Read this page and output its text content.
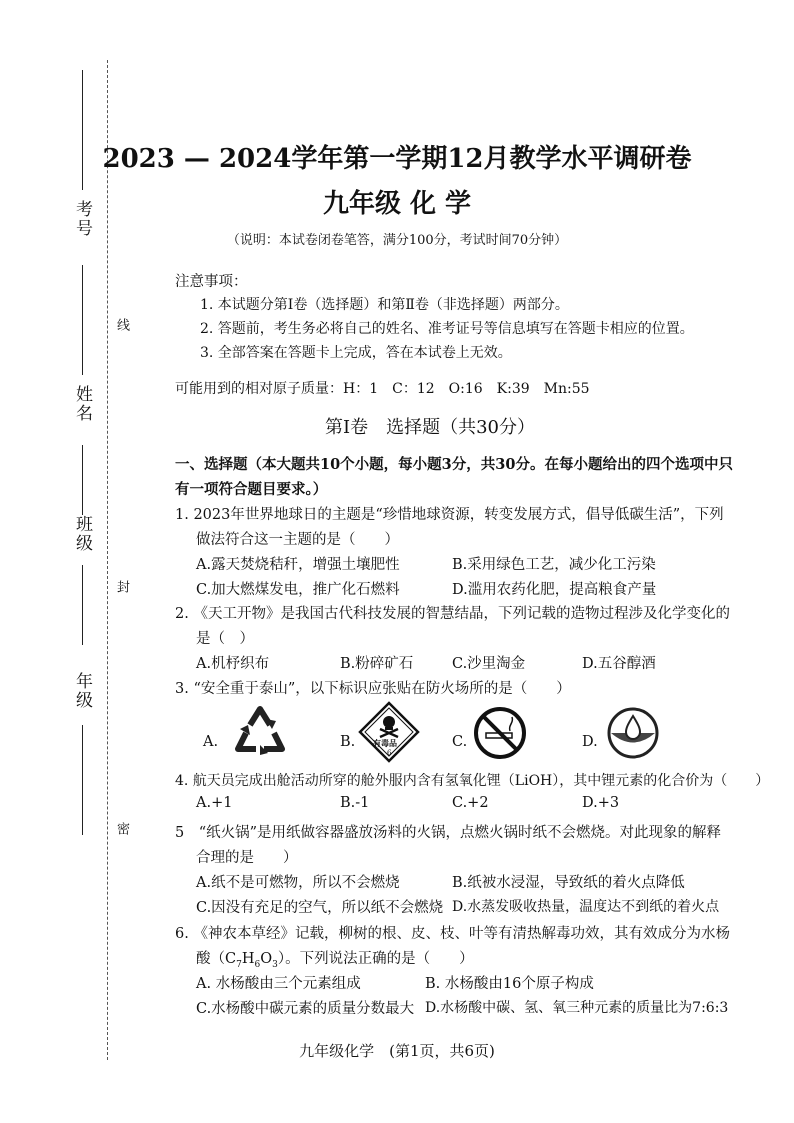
考号
姓名
班级
年级
线
封
密
2023 — 2024学年第一学期12月教学水平调研卷
九年级 化 学
（说明：本试卷闭卷笔答，满分100分，考试时间70分钟）
注意事项：
1. 本试题分第Ⅰ卷（选择题）和第Ⅱ卷（非选择题）两部分。
2. 答题前，考生务必将自己的姓名、准考证号等信息填写在答题卡相应的位置。
3. 全部答案在答题卡上完成，答在本试卷上无效。
可能用到的相对原子质量：H：1　C：12　O:16　K:39　Mn:55
第Ⅰ卷　选择题（共30分）
一、选择题（本大题共10个小题，每小题3分，共30分。在每小题给出的四个选项中只
有一项符合题目要求。）
1. 2023年世界地球日的主题是“珍惜地球资源，转变发展方式，倡导低碳生活”，下列
做法符合这一主题的是（　　）
A.露天焚烧秸秆，增强土壤肥性	B.采用绿色工艺，减少化工污染
C.加大燃煤发电，推广化石燃料	D.滥用农药化肥，提高粮食产量
2. 《天工开物》是我国古代科技发展的智慧结晶，下列记载的造物过程涉及化学变化的
是（　）
A.机杼织布	B.粉碎矿石	C.沙里淘金	D.五谷醇酒
3. “安全重于泰山”，以下标识应张贴在防火场所的是（　　）
A.	B. 有毒品
6
C.	D.
4. 航天员完成出舱活动所穿的舱外服内含有氢氧化锂（LiOH），其中锂元素的化合价为（　　）
A.+1	B.-1	C.+2	D.+3
5　“纸火锅”是用纸做容器盛放汤料的火锅，点燃火锅时纸不会燃烧。对此现象的解释
合理的是　　）
A.纸不是可燃物，所以不会燃烧	B.纸被水浸湿，导致纸的着火点降低
C.因没有充足的空气，所以纸不会燃烧 D.水蒸发吸收热量，温度达不到纸的着火点
6. 《神农本草经》记载，柳树的根、皮、枝、叶等有清热解毒功效，其有效成分为水杨
酸$(C_7H_6O_3)$。下列说法正确的是（　　）
A. 水杨酸由三个元素组成	B. 水杨酸由16个原子构成
C.水杨酸中碳元素的质量分数最大 D.水杨酸中碳、氢、氧三种元素的质量比为7:6:3
九年级化学　(第1页，共6页)
